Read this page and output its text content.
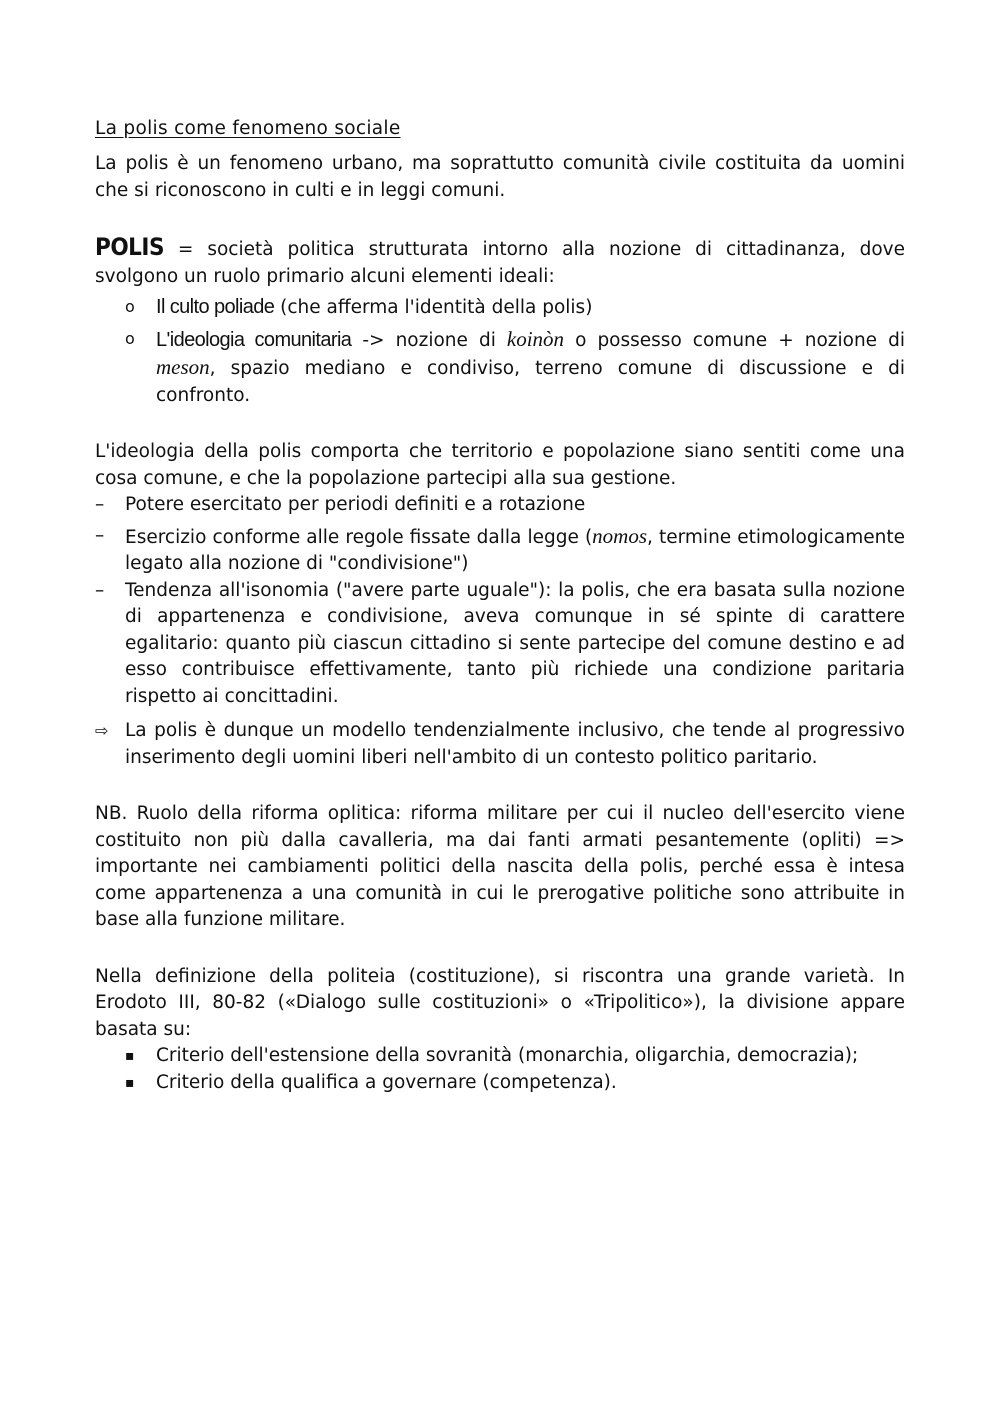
La polis come fenomeno sociale

La polis è un fenomeno urbano, ma soprattutto comunità civile costituita da uomini che si riconoscono in culti e in leggi comuni.

POLIS = società politica strutturata intorno alla nozione di cittadinanza, dove svolgono un ruolo primario alcuni elementi ideali:

o Il culto poliade (che afferma l'identità della polis)
o L'ideologia comunitaria -> nozione di koinòn o possesso comune + nozione di meson, spazio mediano e condiviso, terreno comune di discussione e di confronto.

L'ideologia della polis comporta che territorio e popolazione siano sentiti come una cosa comune, e che la popolazione partecipi alla sua gestione.

– Potere esercitato per periodi definiti e a rotazione
– Esercizio conforme alle regole fissate dalla legge (nomos, termine etimologicamente legato alla nozione di "condivisione")
– Tendenza all'isonomia ("avere parte uguale"): la polis, che era basata sulla nozione di appartenenza e condivisione, aveva comunque in sé spinte di carattere egalitario: quanto più ciascun cittadino si sente partecipe del comune destino e ad esso contribuisce effettivamente, tanto più richiede una condizione paritaria rispetto ai concittadini.
⇨ La polis è dunque un modello tendenzialmente inclusivo, che tende al progressivo inserimento degli uomini liberi nell'ambito di un contesto politico paritario.

NB. Ruolo della riforma oplitica: riforma militare per cui il nucleo dell'esercito viene costituito non più dalla cavalleria, ma dai fanti armati pesantemente (opliti) => importante nei cambiamenti politici della nascita della polis, perché essa è intesa come appartenenza a una comunità in cui le prerogative politiche sono attribuite in base alla funzione militare.

Nella definizione della politeia (costituzione), si riscontra una grande varietà. In Erodoto III, 80-82 («Dialogo sulle costituzioni» o «Tripolitico»), la divisione appare basata su:

▪ Criterio dell'estensione della sovranità (monarchia, oligarchia, democrazia);
▪ Criterio della qualifica a governare (competenza).
